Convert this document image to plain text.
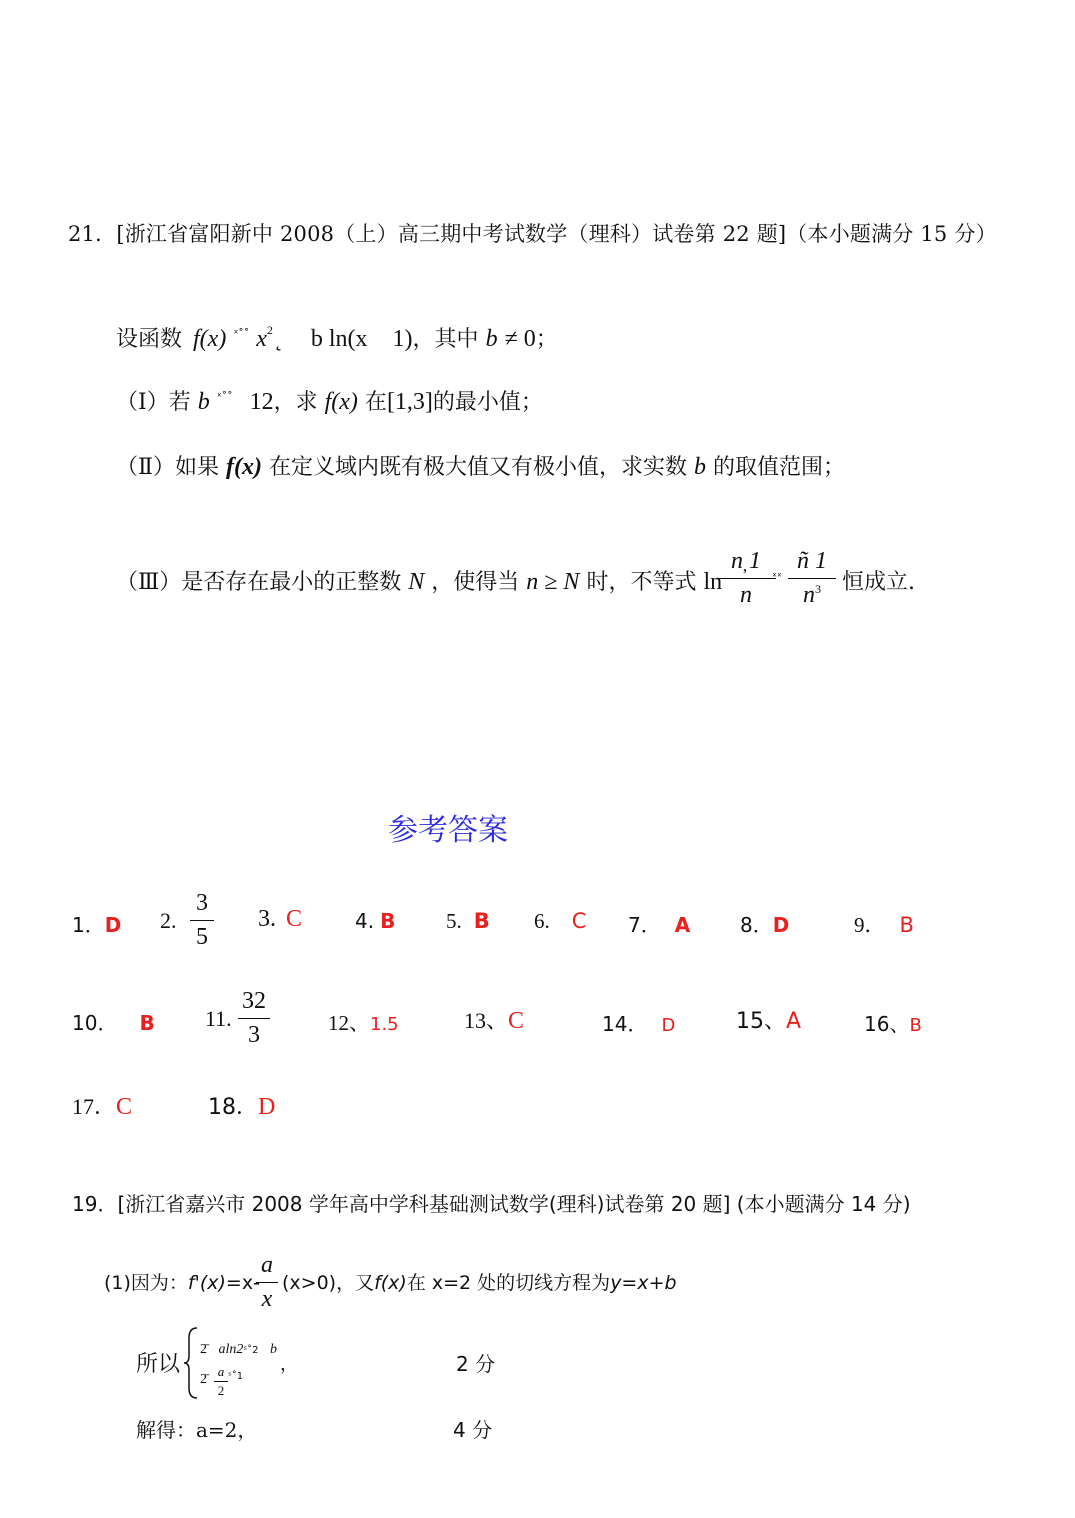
21．[浙江省富阳新中 2008（上）高三期中考试数学（理科）试卷第 22 题]（本小题满分 15 分）
设函数 f(x) $^{ˣ˚˚}$ $x^2˛$ b ln(x 1)，其中 b ≠ 0；
（Ⅰ）若 b $^{ˣ˚˚}$ 12，求 f(x) 在[1,3]的最小值；
（Ⅱ）如果 f(x) 在定义域内既有极大值又有极小值，求实数 b 的取值范围；
（Ⅲ）是否存在最小的正整数 N ，使得当 n ≥ N 时，不等式 ln
n̦ 1
n
ˣˣ
ñ 1
$n^3$ 恒成立.
参考答案
1．D 2.
3
5
3. C	4. B 5. B 6. C 7． A 8．D	9． B
10． B 11.
32
3	12、1.5	13、C	14． D	15、A	16、B
17．C	18．D
19．[浙江省嘉兴市 2008 学年高中学科基础测试数学(理科)试卷第 20 题] (本小题满分 14 分)
(1)因为：f'(x)=x-
a
x
(x>0)，又f(x)在 x=2 处的切线方程为y=x+b
所以
2̄ aln2ˢ˚2 b
，
2̄
a
2
ˢ˚1
2 分
解得：a=2，	4 分
